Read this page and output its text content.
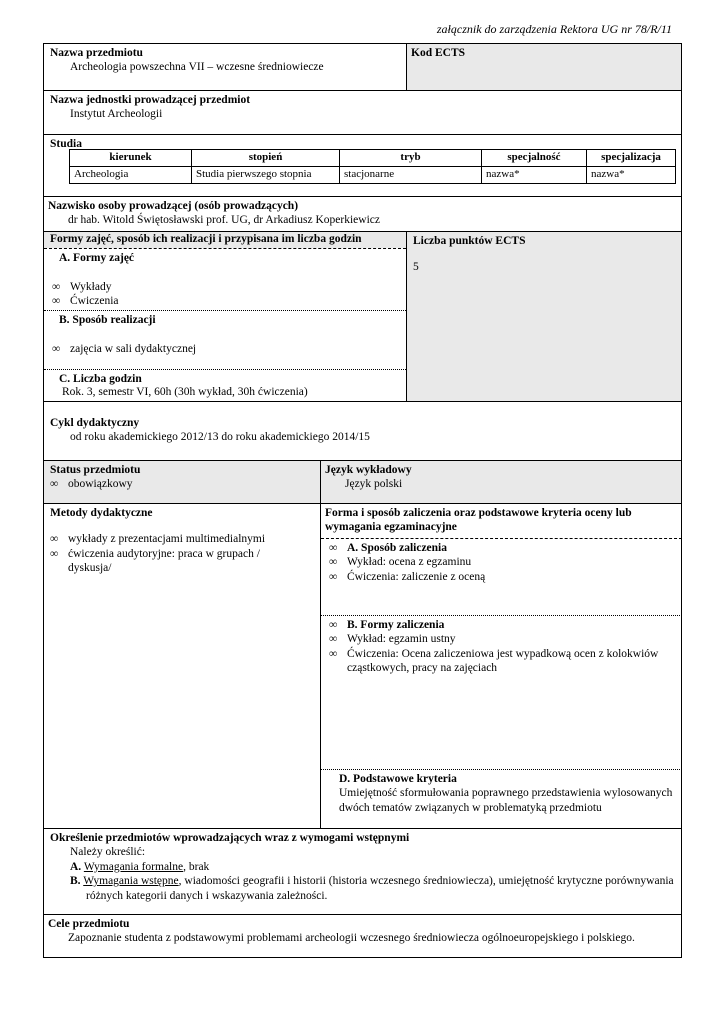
załącznik do zarządzenia Rektora UG nr 78/R/11
Nazwa przedmiotu
Archeologia powszechna VII – wczesne średniowiecze
Kod ECTS
Nazwa jednostki prowadzącej przedmiot
Instytut Archeologii
Studia
kierunek	stopień	tryb	specjalność	specjalizacja
Archeologia	Studia pierwszego stopnia	stacjonarne	nazwa*	nazwa*
Nazwisko osoby prowadzącej (osób prowadzących)
dr hab. Witold Świętosławski prof. UG, dr Arkadiusz Koperkiewicz
Formy zajęć, sposób ich realizacji i przypisana im liczba godzin
A. Formy zajęć
∞ Wykłady
∞ Ćwiczenia
B. Sposób realizacji
∞ zajęcia w sali dydaktycznej
C. Liczba godzin
Rok. 3, semestr VI, 60h (30h wykład, 30h ćwiczenia)
Liczba punktów ECTS
5
Cykl dydaktyczny
od roku akademickiego 2012/13 do roku akademickiego 2014/15
Status przedmiotu
∞ obowiązkowy
Język wykładowy
Język polski
Metody dydaktyczne
∞ wykłady z prezentacjami multimedialnymi
∞ ćwiczenia audytoryjne: praca w grupach / dyskusja/
Forma i sposób zaliczenia oraz podstawowe kryteria oceny lub wymagania egzaminacyjne
∞ A. Sposób zaliczenia
∞ Wykład: ocena z egzaminu
∞ Ćwiczenia: zaliczenie z oceną
∞ B. Formy zaliczenia
∞ Wykład: egzamin ustny
∞ Ćwiczenia: Ocena zaliczeniowa jest wypadkową ocen z kolokwiów cząstkowych, pracy na zajęciach
D. Podstawowe kryteria
Umiejętność sformułowania poprawnego przedstawienia wylosowanych dwóch tematów związanych w problematyką przedmiotu
Określenie przedmiotów wprowadzających wraz z wymogami wstępnymi
Należy określić:
A. Wymagania formalne, brak
B. Wymagania wstępne, wiadomości geografii i historii (historia wczesnego średniowiecza), umiejętność krytyczne porównywania różnych kategorii danych i wskazywania zależności.
Cele przedmiotu
Zapoznanie studenta z podstawowymi problemami archeologii wczesnego średniowiecza ogólnoeuropejskiego i polskiego.
